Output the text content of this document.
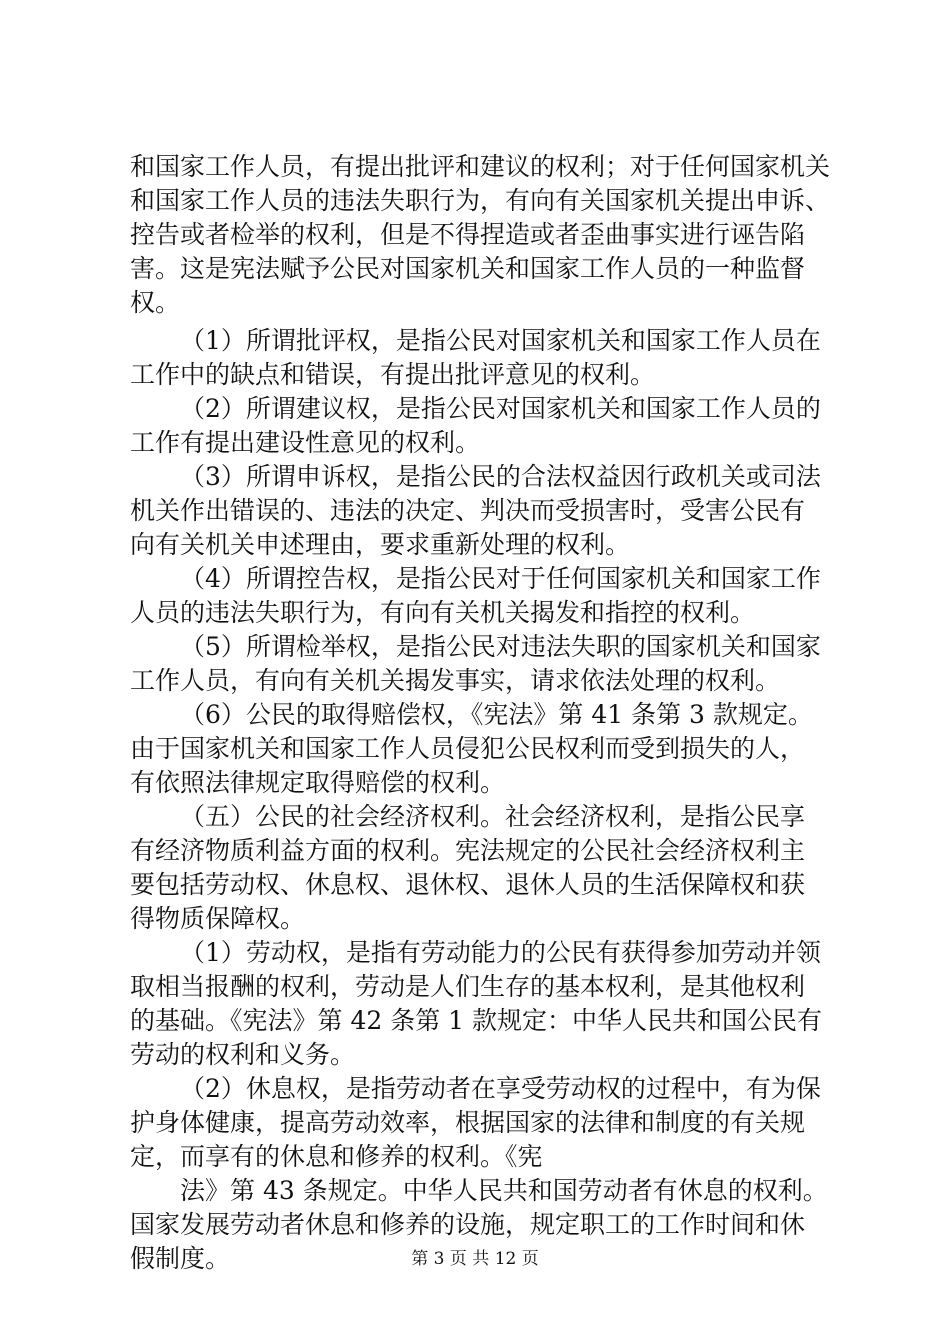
和国家工作人员，有提出批评和建议的权利；对于任何国家机关
和国家工作人员的违法失职行为，有向有关国家机关提出申诉、
控告或者检举的权利，但是不得捏造或者歪曲事实进行诬告陷
害。这是宪法赋予公民对国家机关和国家工作人员的一种监督
权。
（1）所谓批评权，是指公民对国家机关和国家工作人员在
工作中的缺点和错误，有提出批评意见的权利。
（2）所谓建议权，是指公民对国家机关和国家工作人员的
工作有提出建设性意见的权利。
（3）所谓申诉权，是指公民的合法权益因行政机关或司法
机关作出错误的、违法的决定、判决而受损害时，受害公民有
向有关机关申述理由，要求重新处理的权利。
（4）所谓控告权，是指公民对于任何国家机关和国家工作
人员的违法失职行为，有向有关机关揭发和指控的权利。
（5）所谓检举权，是指公民对违法失职的国家机关和国家
工作人员，有向有关机关揭发事实，请求依法处理的权利。
（6）公民的取得赔偿权，《宪法》第 41 条第 3 款规定。
由于国家机关和国家工作人员侵犯公民权利而受到损失的人，
有依照法律规定取得赔偿的权利。
（五）公民的社会经济权利。社会经济权利，是指公民享
有经济物质利益方面的权利。宪法规定的公民社会经济权利主
要包括劳动权、休息权、退休权、退休人员的生活保障权和获
得物质保障权。
（1）劳动权，是指有劳动能力的公民有获得参加劳动并领
取相当报酬的权利，劳动是人们生存的基本权利，是其他权利
的基础。《宪法》第 42 条第 1 款规定：中华人民共和国公民有
劳动的权利和义务。
（2）休息权，是指劳动者在享受劳动权的过程中，有为保
护身体健康，提高劳动效率，根据国家的法律和制度的有关规
定，而享有的休息和修养的权利。《宪
法》第 43 条规定。中华人民共和国劳动者有休息的权利。
国家发展劳动者休息和修养的设施，规定职工的工作时间和休
假制度。	第 3 页 共 12 页
